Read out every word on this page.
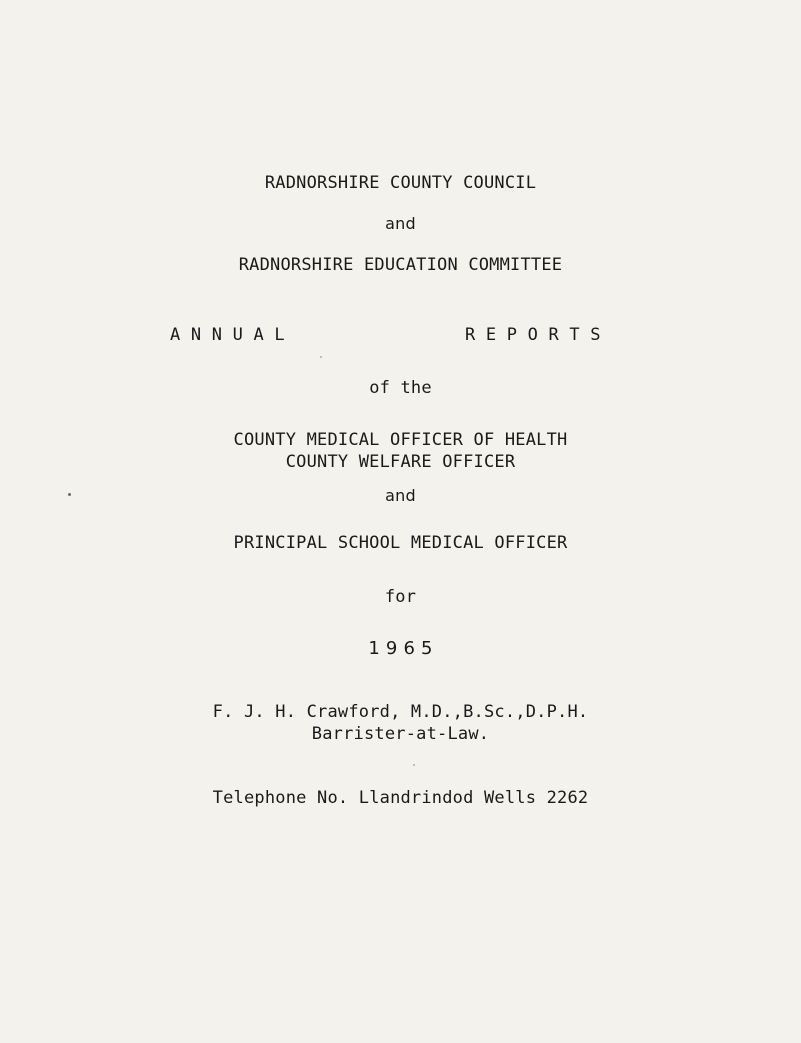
RADNORSHIRE COUNTY COUNCIL
and
RADNORSHIRE EDUCATION COMMITTEE
A N N U A L	R E P O R T S
of the
COUNTY MEDICAL OFFICER OF HEALTH
COUNTY WELFARE OFFICER
and
PRINCIPAL SCHOOL MEDICAL OFFICER
for
1 9 6 5
F. J. H. Crawford, M.D.,B.Sc.,D.P.H.
Barrister-at-Law.
Telephone No. Llandrindod Wells 2262
